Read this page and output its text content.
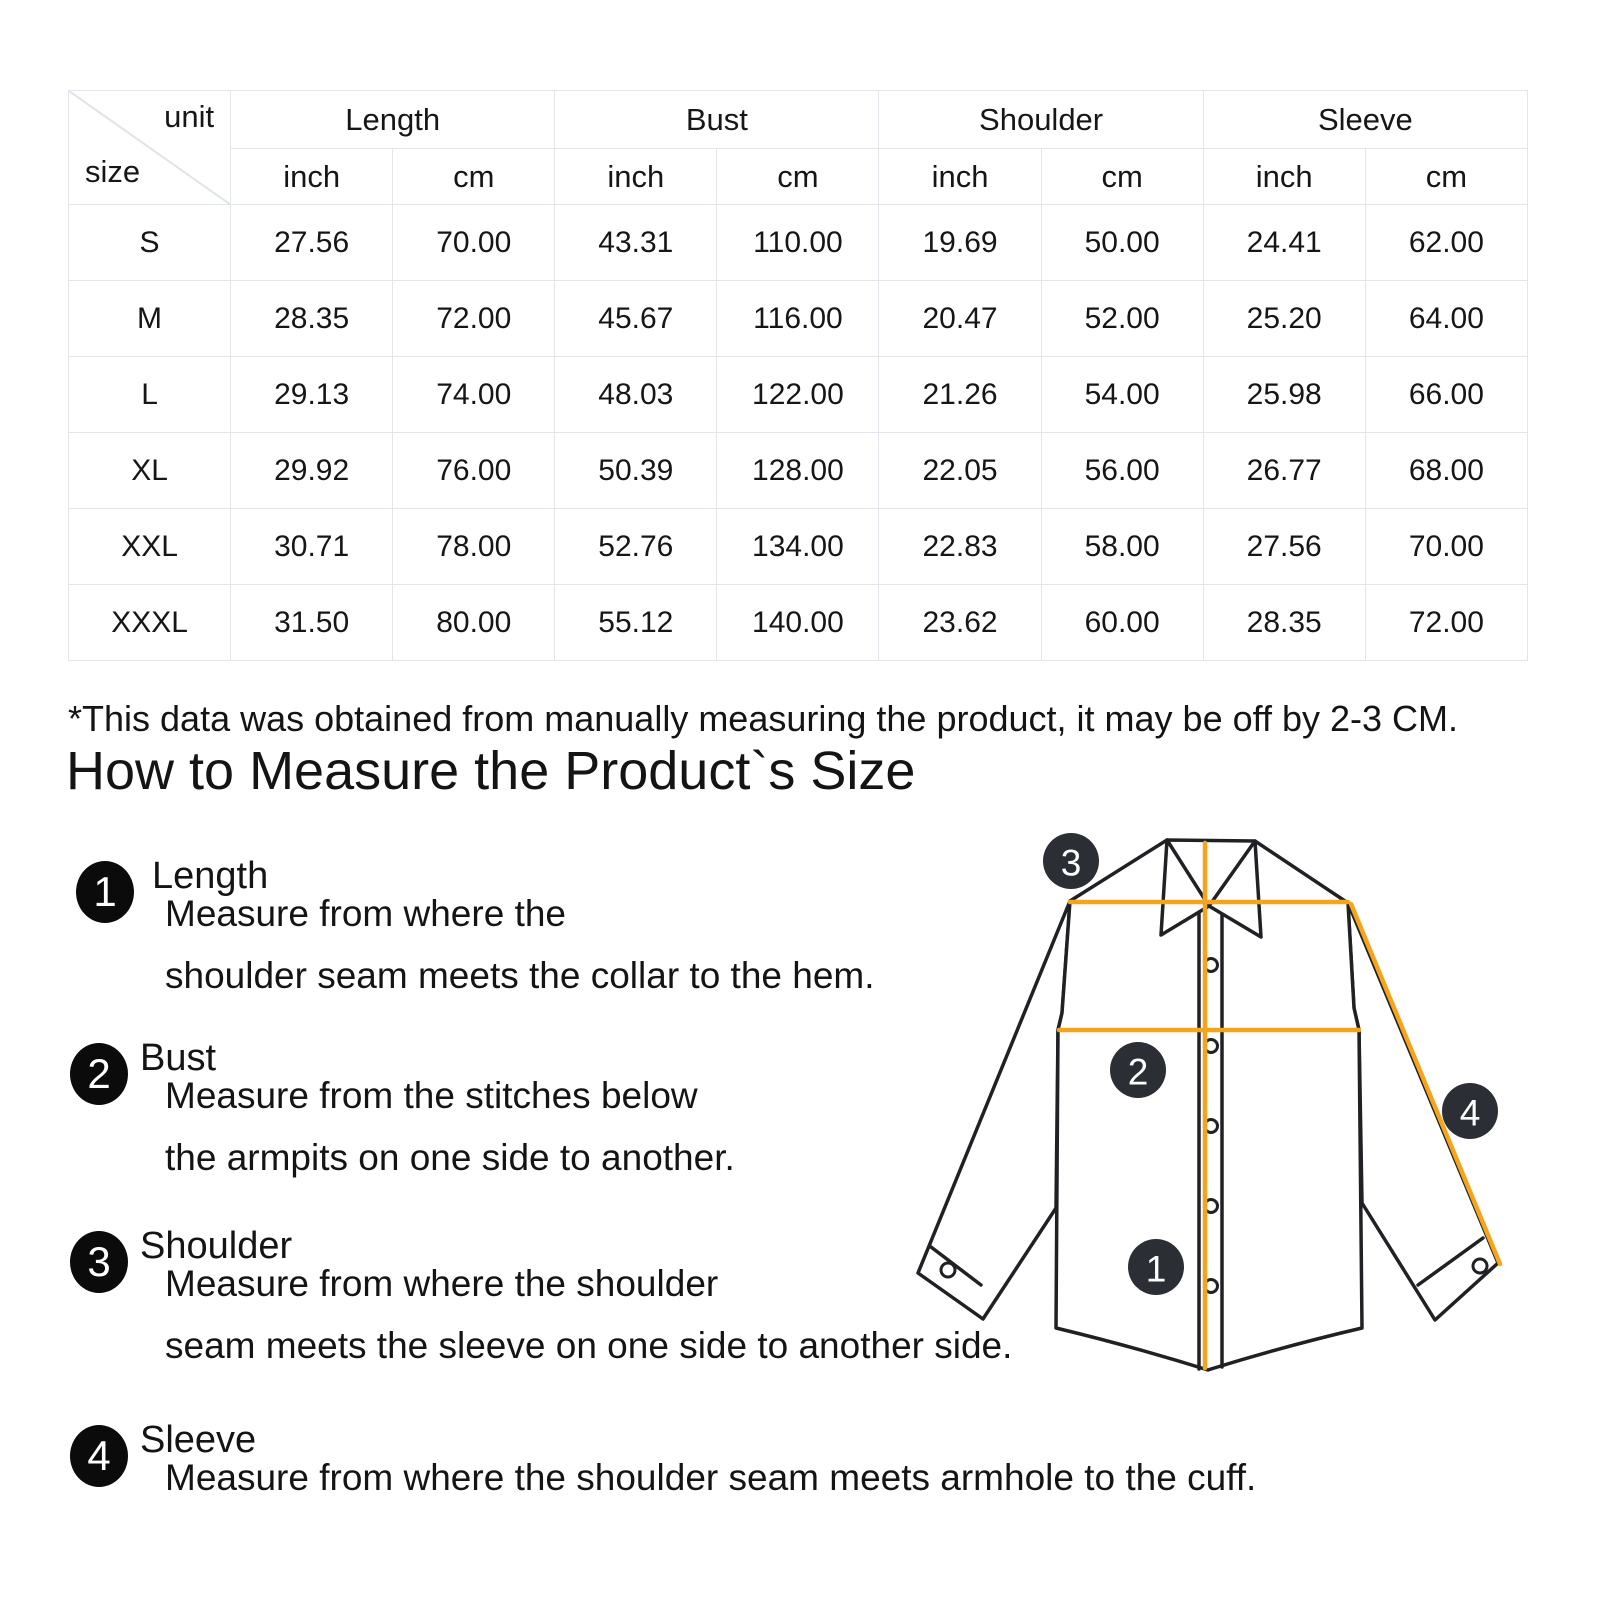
unit
size	Length		Bust		Shoulder		Sleeve	
	inch	cm	inch	cm	inch	cm	inch	cm
S	27.56	70.00	43.31	110.00	19.69	50.00	24.41	62.00
M	28.35	72.00	45.67	116.00	20.47	52.00	25.20	64.00
L	29.13	74.00	48.03	122.00	21.26	54.00	25.98	66.00
XL	29.92	76.00	50.39	128.00	22.05	56.00	26.77	68.00
XXL	30.71	78.00	52.76	134.00	22.83	58.00	27.56	70.00
XXXL	31.50	80.00	55.12	140.00	23.62	60.00	28.35	72.00
*This data was obtained from manually measuring the product, it may be off by 2-3 CM.
How to Measure the Product`s Size
1 Length
Measure from where the
shoulder seam meets the collar to the hem.
2 Bust
Measure from the stitches below
the armpits on one side to another.
3 Shoulder
Measure from where the shoulder
seam meets the sleeve on one side to another side.
4 Sleeve
Measure from where the shoulder seam meets armhole to the cuff.
3
2
1
4
